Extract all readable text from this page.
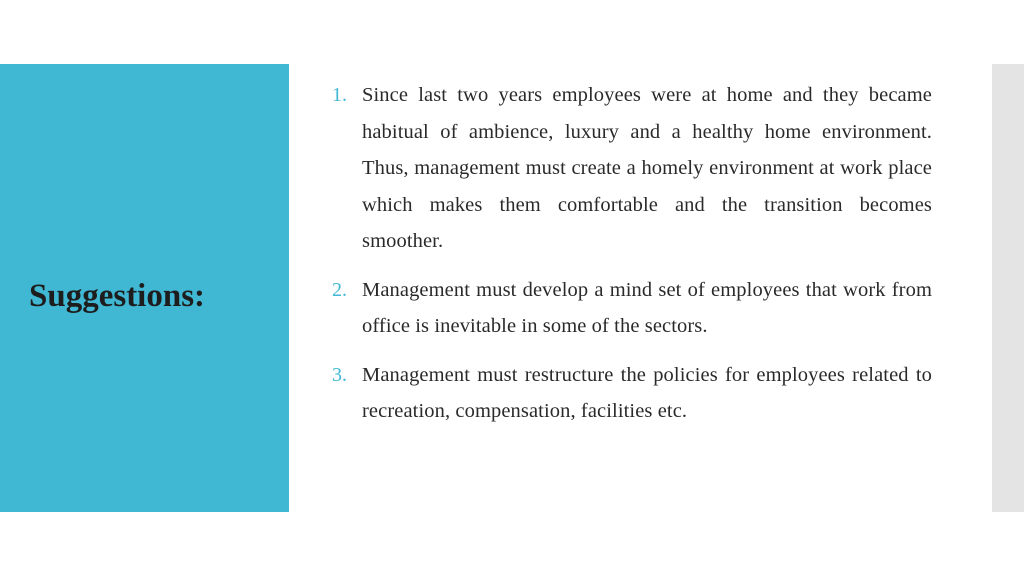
Suggestions:
1. Since last two years employees were at home and they became habitual of ambience, luxury and a healthy home environment. Thus, management must create a homely environment at work place which makes them comfortable and the transition becomes smoother.
2. Management must develop a mind set of employees that work from office is inevitable in some of the sectors.
3. Management must restructure the policies for employees related to recreation, compensation, facilities etc.
